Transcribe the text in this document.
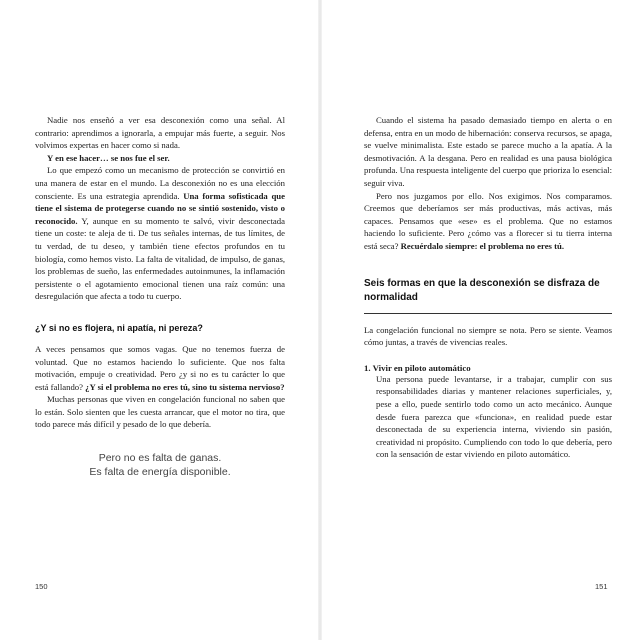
Nadie nos enseñó a ver esa desconexión como una señal. Al contrario: aprendimos a ignorarla, a empujar más fuerte, a seguir. Nos volvimos expertas en hacer como si nada.

Y en ese hacer… se nos fue el ser.

Lo que empezó como un mecanismo de protección se convirtió en una manera de estar en el mundo. La desconexión no es una elección consciente. Es una estrategia aprendida. Una forma sofisticada que tiene el sistema de protegerse cuando no se sintió sostenido, visto o reconocido. Y, aunque en su momento te salvó, vivir desconectada tiene un coste: te aleja de ti. De tus señales internas, de tus límites, de tu verdad, de tu deseo, y también tiene efectos profundos en tu biología, como hemos visto. La falta de vitalidad, de impulso, de ganas, los problemas de sueño, las enfermedades autoinmunes, la inflamación persistente o el agotamiento emocional tienen una raíz común: una desregulación que afecta a todo tu cuerpo.

¿Y si no es flojera, ni apatía, ni pereza?

A veces pensamos que somos vagas. Que no tenemos fuerza de voluntad. Que no estamos haciendo lo suficiente. Que nos falta motivación, empuje o creatividad. Pero ¿y si no es tu carácter lo que está fallando? ¿Y si el problema no eres tú, sino tu sistema nervioso?

Muchas personas que viven en congelación funcional no saben que lo están. Solo sienten que les cuesta arrancar, que el motor no tira, que todo parece más difícil y pesado de lo que debería.

Pero no es falta de ganas.
Es falta de energía disponible.
150

Cuando el sistema ha pasado demasiado tiempo en alerta o en defensa, entra en un modo de hibernación: conserva recursos, se apaga, se vuelve minimalista. Este estado se parece mucho a la apatía. A la desmotivación. A la desgana. Pero en realidad es una pausa biológica profunda. Una respuesta inteligente del cuerpo que prioriza lo esencial: seguir viva.

Pero nos juzgamos por ello. Nos exigimos. Nos comparamos. Creemos que deberíamos ser más productivas, más activas, más capaces. Pensamos que «ese» es el problema. Que no estamos haciendo lo suficiente. Pero ¿cómo vas a florecer si tu tierra interna está seca? Recuérdalo siempre: el problema no eres tú.

Seis formas en que la desconexión se disfraza de normalidad

La congelación funcional no siempre se nota. Pero se siente. Veamos cómo juntas, a través de vivencias reales.

1. Vivir en piloto automático

Una persona puede levantarse, ir a trabajar, cumplir con sus responsabilidades diarias y mantener relaciones superficiales, y, pese a ello, puede sentirlo todo como un acto mecánico. Aunque desde fuera parezca que «funciona», en realidad puede estar desconectada de su experiencia interna, viviendo sin pasión, creatividad ni propósito. Cumpliendo con todo lo que debería, pero con la sensación de estar viviendo en piloto automático.

151
